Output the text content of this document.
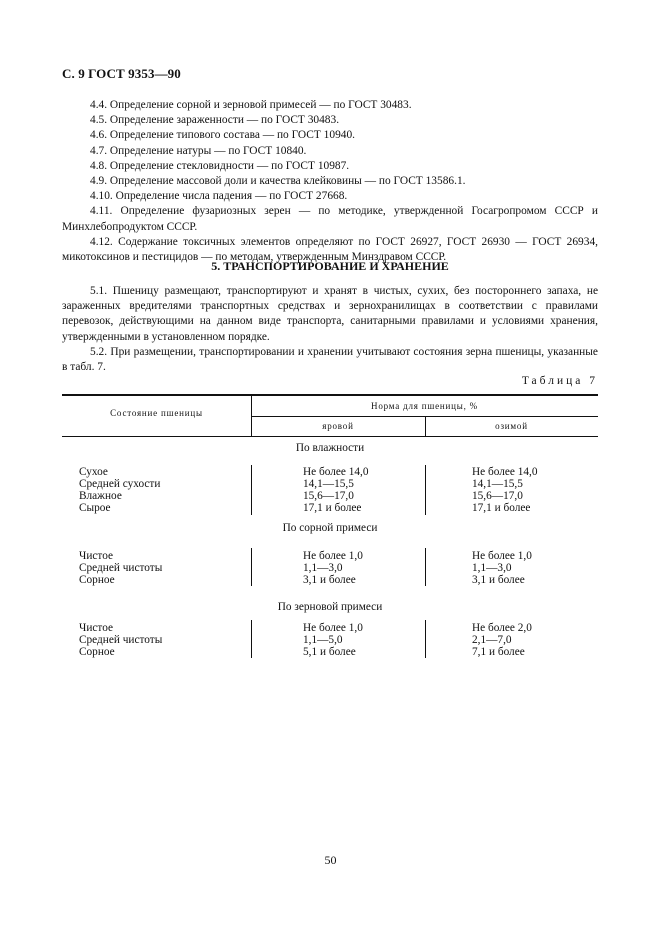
С. 9 ГОСТ 9353—90

4.4. Определение сорной и зерновой примесей — по ГОСТ 30483.

4.5. Определение зараженности — по ГОСТ 30483.

4.6. Определение типового состава — по ГОСТ 10940.

4.7. Определение натуры — по ГОСТ 10840.

4.8. Определение стекловидности — по ГОСТ 10987.

4.9. Определение массовой доли и качества клейковины — по ГОСТ 13586.1.

4.10. Определение числа падения — по ГОСТ 27668.

4.11. Определение фузариозных зерен — по методике, утвержденной Госагропромом СССР и Минхлебопродуктом СССР.

4.12. Содержание токсичных элементов определяют по ГОСТ 26927, ГОСТ 26930 — ГОСТ 26934, микотоксинов и пестицидов — по методам, утвержденным Минздравом СССР.

5. ТРАНСПОРТИРОВАНИЕ И ХРАНЕНИЕ

5.1. Пшеницу размещают, транспортируют и хранят в чистых, сухих, без постороннего запаха, не зараженных вредителями транспортных средствах и зернохранилищах в соответствии с правилами перевозок, действующими на данном виде транспорта, санитарными правилами и условиями хранения, утвержденными в установленном порядке.

5.2. При размещении, транспортировании и хранении учитывают состояния зерна пшеницы, указанные в табл. 7.

Таблица 7
Состояние пшеницы
Норма для пшеницы, %
яровой	озимой
По влажности
Сухое	Не более 14,0	Не более 14,0
Средней сухости	14,1—15,5	14,1—15,5
Влажное	15,6—17,0	15,6—17,0
Сырое	17,1 и более	17,1 и более
По сорной примеси
Чистое	Не более 1,0	Не более 1,0
Средней чистоты	1,1—3,0	1,1—3,0
Сорное	3,1 и более	3,1 и более
По зерновой примеси
Чистое	Не более 1,0	Не более 2,0
Средней чистоты	1,1—5,0	2,1—7,0
Сорное	5,1 и более	7,1 и более
50
